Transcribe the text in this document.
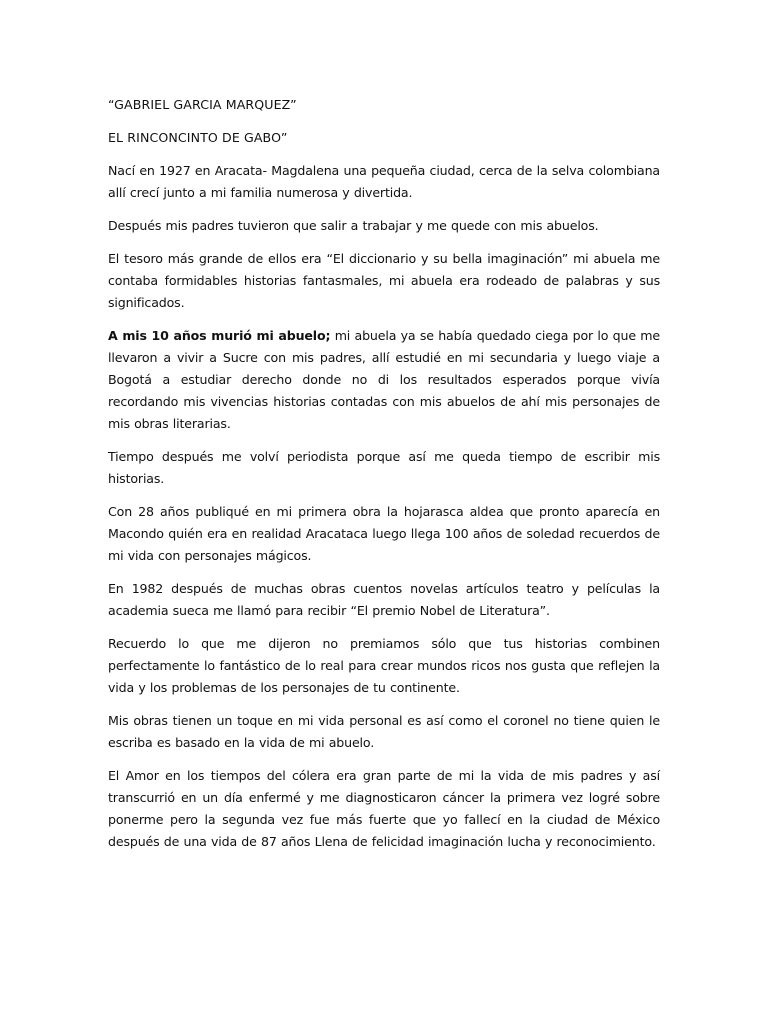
“GABRIEL GARCIA MARQUEZ”

EL RINCONCINTO DE GABO”

Nací en 1927 en Aracata- Magdalena una pequeña ciudad, cerca de la selva colombiana allí crecí junto a mi familia numerosa y divertida.

Después mis padres tuvieron que salir a trabajar y me quede con mis abuelos.

El tesoro más grande de ellos era “El diccionario y su bella imaginación” mi abuela me contaba formidables historias fantasmales, mi abuela era rodeado de palabras y sus significados.

A mis 10 años murió mi abuelo; mi abuela ya se había quedado ciega por lo que me llevaron a vivir a Sucre con mis padres, allí estudié en mi secundaria y luego viaje a Bogotá a estudiar derecho donde no di los resultados esperados porque vivía recordando mis vivencias historias contadas con mis abuelos de ahí mis personajes de mis obras literarias.

Tiempo después me volví periodista porque así me queda tiempo de escribir mis historias.

Con 28 años publiqué en mi primera obra la hojarasca aldea que pronto aparecía en Macondo quién era en realidad Aracataca luego llega 100 años de soledad recuerdos de mi vida con personajes mágicos.

En 1982 después de muchas obras cuentos novelas artículos teatro y películas la academia sueca me llamó para recibir “El premio Nobel de Literatura”.

Recuerdo lo que me dijeron no premiamos sólo que tus historias combinen perfectamente lo fantástico de lo real para crear mundos ricos nos gusta que reflejen la vida y los problemas de los personajes de tu continente.

Mis obras tienen un toque en mi vida personal es así como el coronel no tiene quien le escriba es basado en la vida de mi abuelo.

El Amor en los tiempos del cólera era gran parte de mi la vida de mis padres y así transcurrió en un día enfermé y me diagnosticaron cáncer la primera vez logré sobre ponerme pero la segunda vez fue más fuerte que yo fallecí en la ciudad de México después de una vida de 87 años Llena de felicidad imaginación lucha y reconocimiento.
